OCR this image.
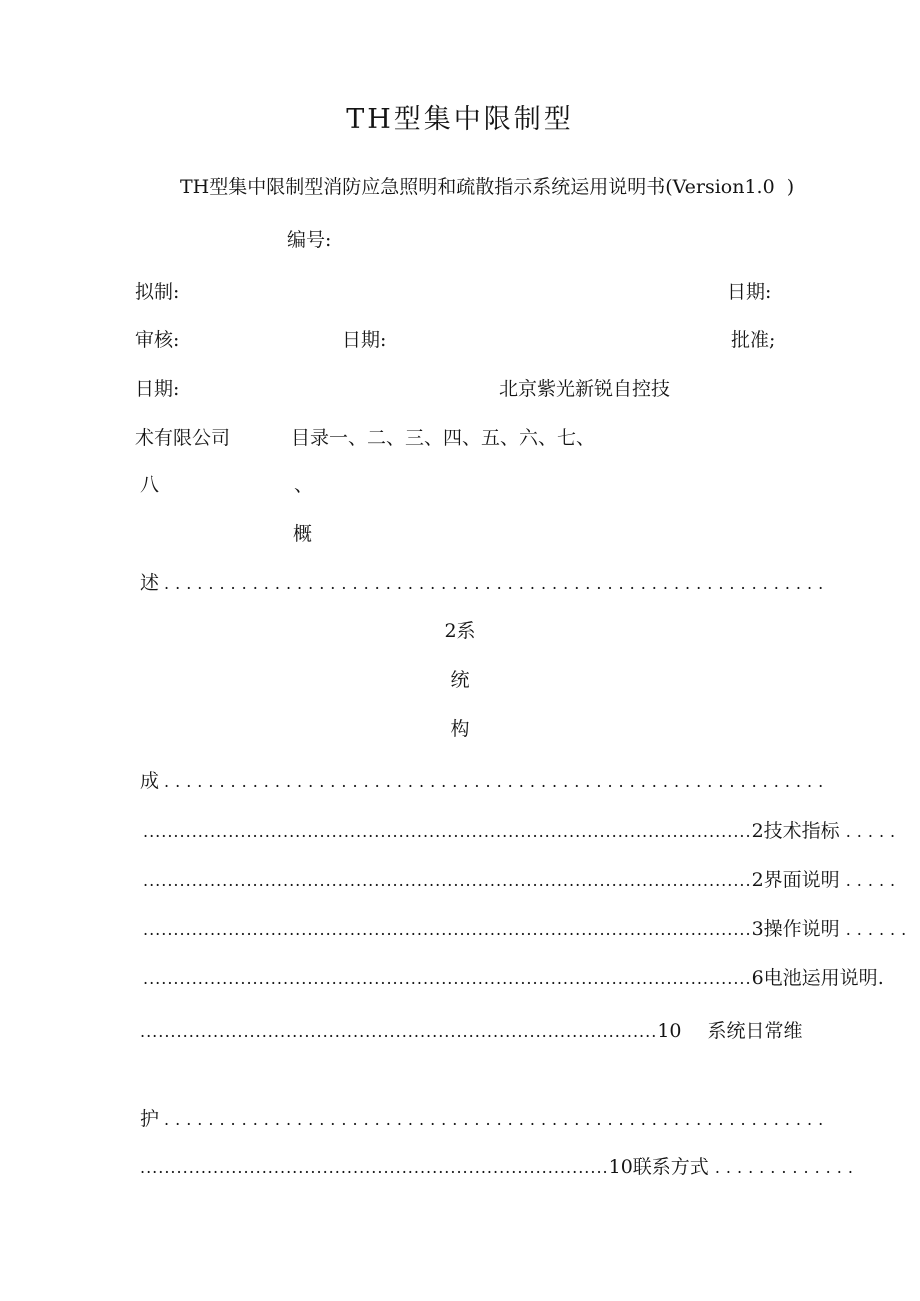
TH型集中限制型
TH型集中限制型消防应急照明和疏散指示系统运用说明书(Version1.0  )
编号:
拟制:	日期:
审核:	日期:	批准;
日期:	北京紫光新锐自控技
术有限公司	目录一、二、三、四、五、六、七、
八	、
概
述 ............................................................
2系
统
构
成 ............................................................
....................................................................................................2技术指标 .....
....................................................................................................2界面说明 .....
....................................................................................................3操作说明 ......
....................................................................................................6电池运用说明.
.....................................................................................10 系统日常维
护 ............................................................
.............................................................................10联系方式 .............
